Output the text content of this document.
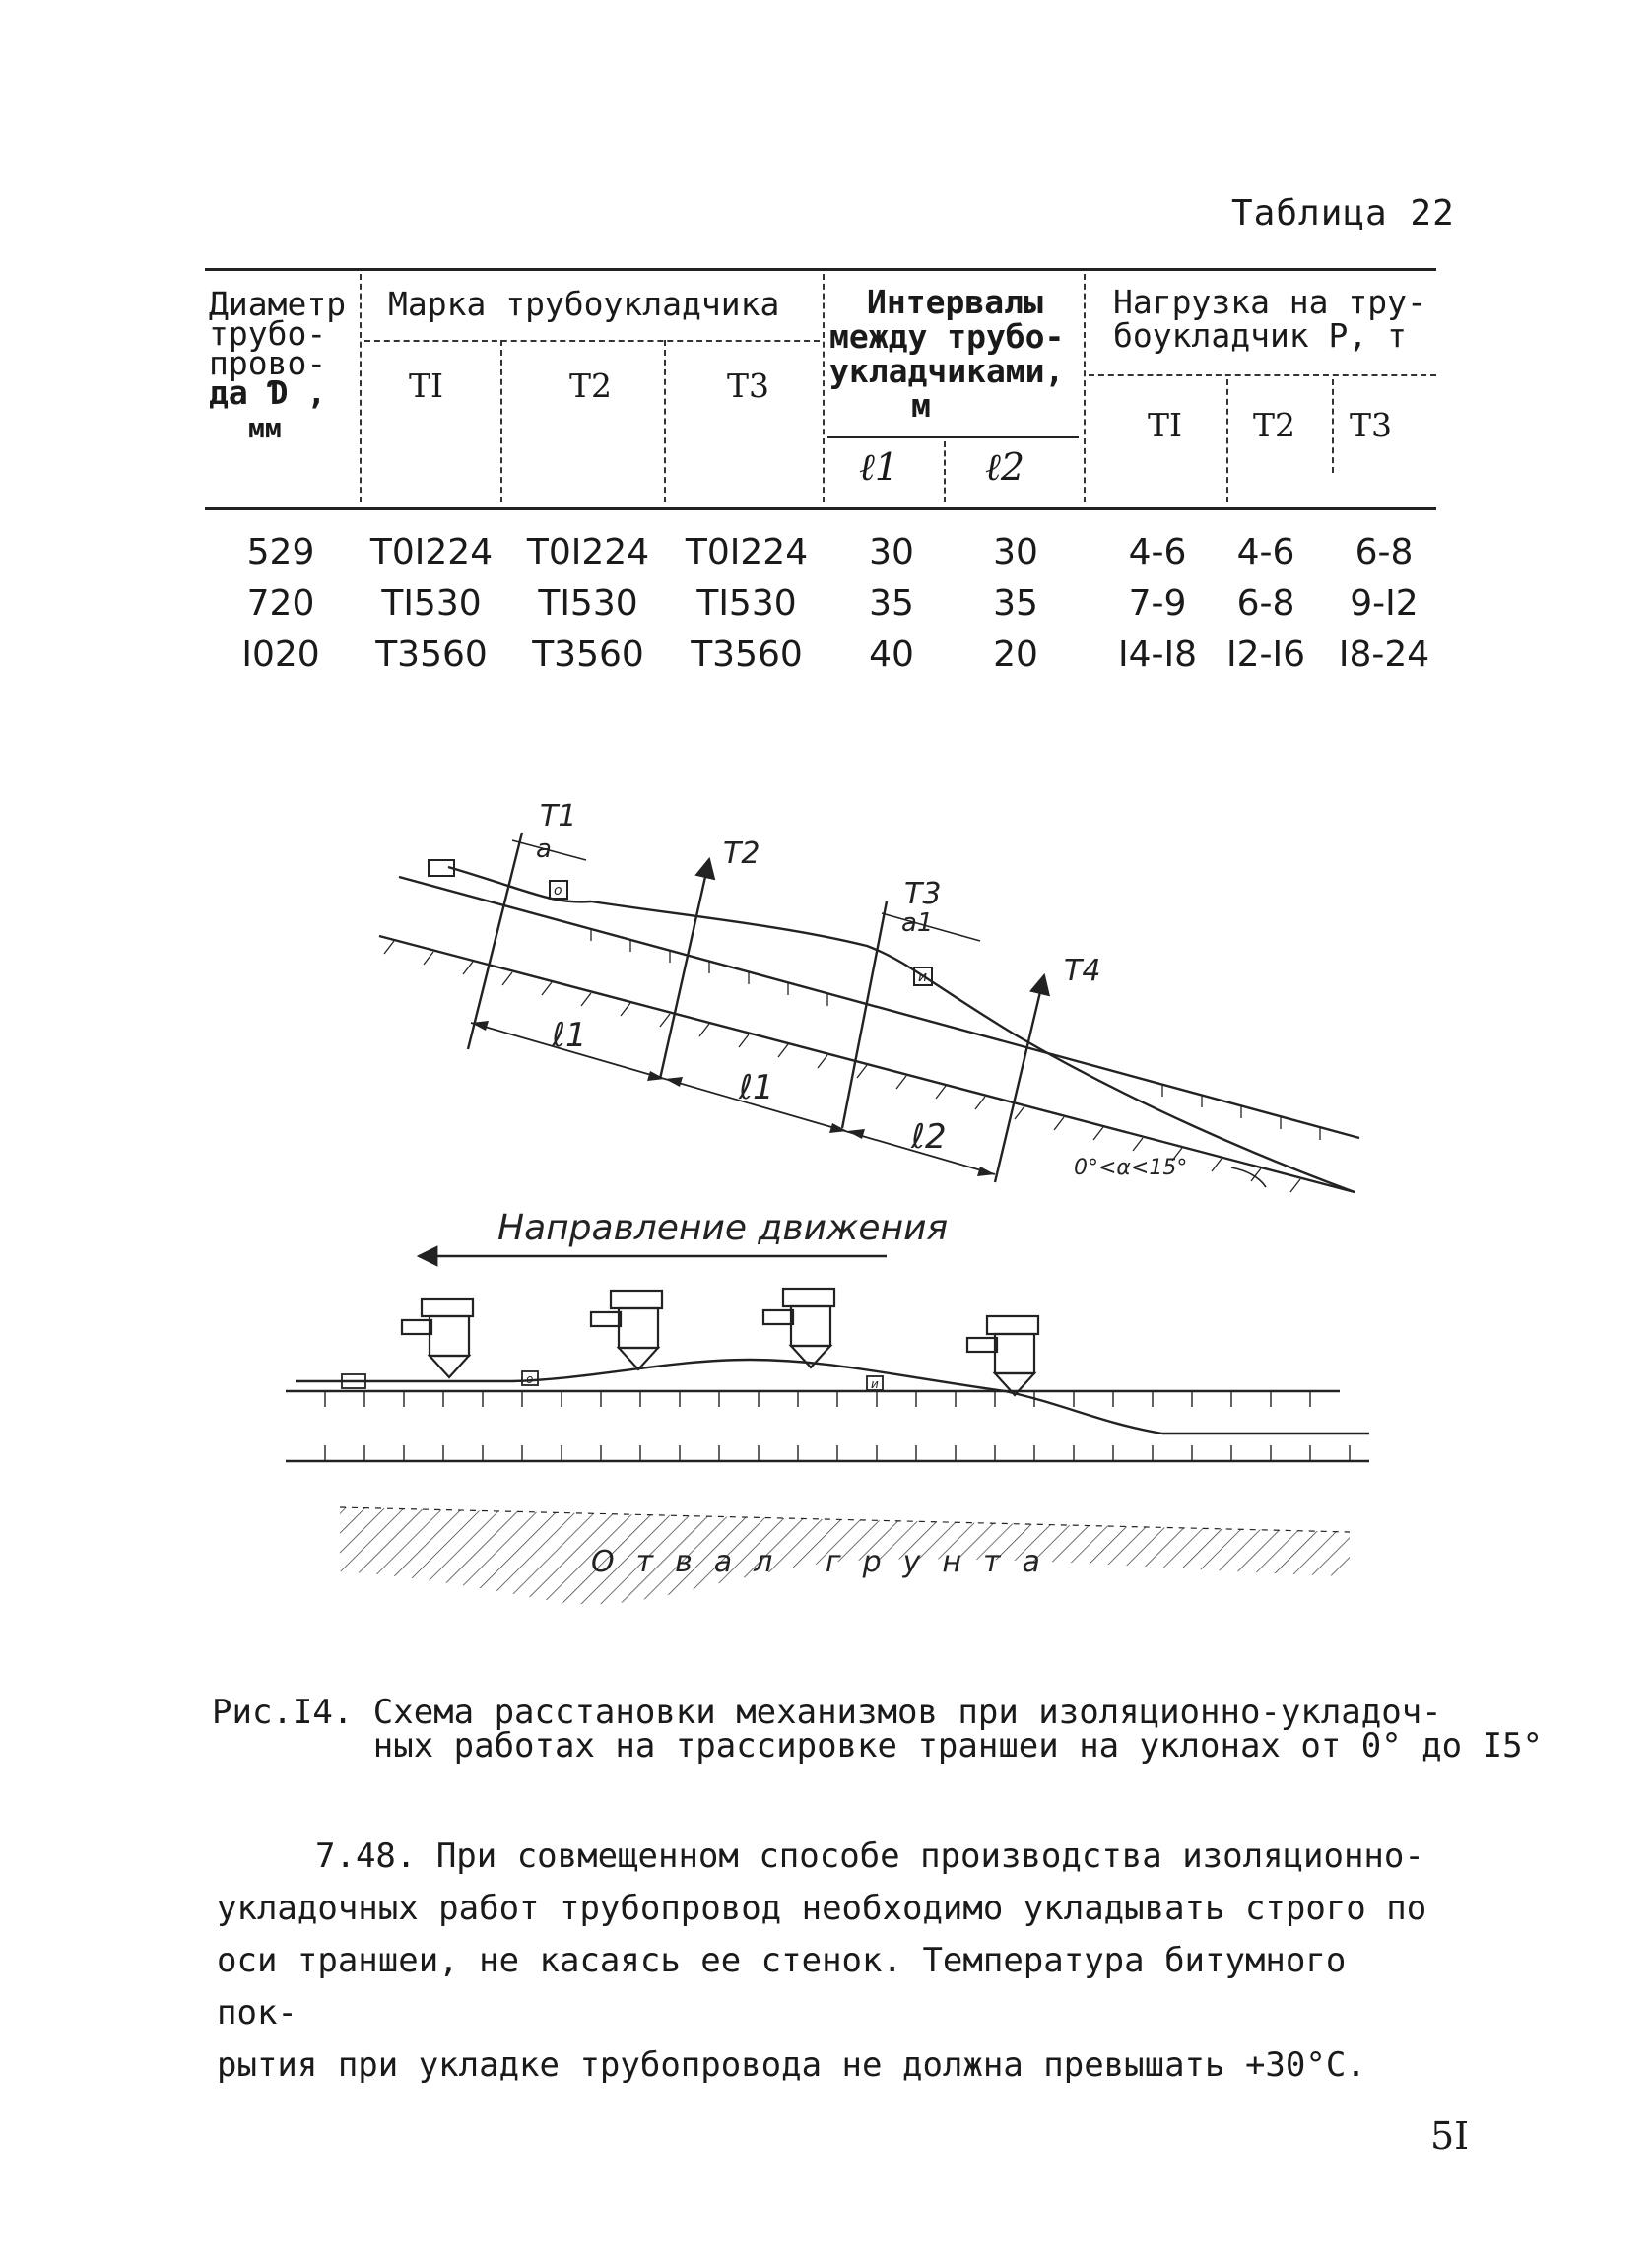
Таблица 22
Диаметр
трубо-
прово-
да Ɗ ,
мм
Марка трубоукладчика
TI	T2	T3
Интервалы
между трубо-
укладчиками,
м
ℓ1 ℓ2
Нагрузка на тру-
боукладчик P, т
TI T2 T3
529	T0I224 T0I224	T0I224	30	30	4-6	4-6	6-8
720	TI530	TI530	TI530	35	35	7-9	6-8	9-I2
I020	T3560	T3560	T3560	40	20	I4-I8 I2-I6 I8-24
T1
T2
T3
T4
a
a1
ℓ1
ℓ1
ℓ2
0°<α<15°
о
и
Направление движения
Отвал грунта
о	и
Рис.I4. Схема расстановки механизмов при изоляционно-укладоч-
ных работах на трассировке траншеи на уклонах от 0° до I5°
7.48. При совмещенном способе производства изоляционно-
укладочных работ трубопровод необходимо укладывать строго по
оси траншеи, не касаясь ее стенок. Температура битумного пок-
рытия при укладке трубопровода не должна превышать +30°С.
5I
